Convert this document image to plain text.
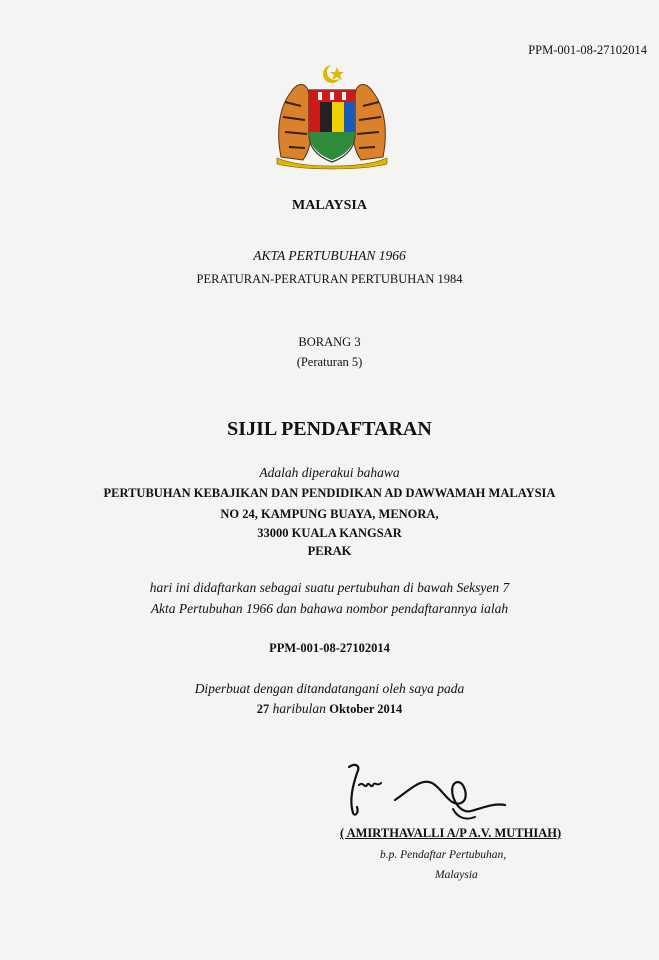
PPM-001-08-27102014
MALAYSIA
AKTA PERTUBUHAN 1966
PERATURAN-PERATURAN PERTUBUHAN 1984
BORANG 3
(Peraturan 5)
SIJIL PENDAFTARAN
Adalah diperakui bahawa
PERTUBUHAN KEBAJIKAN DAN PENDIDIKAN AD DAWWAMAH MALAYSIA
NO 24, KAMPUNG BUAYA, MENORA,
33000 KUALA KANGSAR
PERAK
hari ini didaftarkan sebagai suatu pertubuhan di bawah Seksyen 7
Akta Pertubuhan 1966 dan bahawa nombor pendaftarannya ialah
PPM-001-08-27102014
Diperbuat dengan ditandatangani oleh saya pada
27 haribulan Oktober 2014
( AMIRTHAVALLI A/P A.V. MUTHIAH)
b.p. Pendaftar Pertubuhan,
Malaysia
